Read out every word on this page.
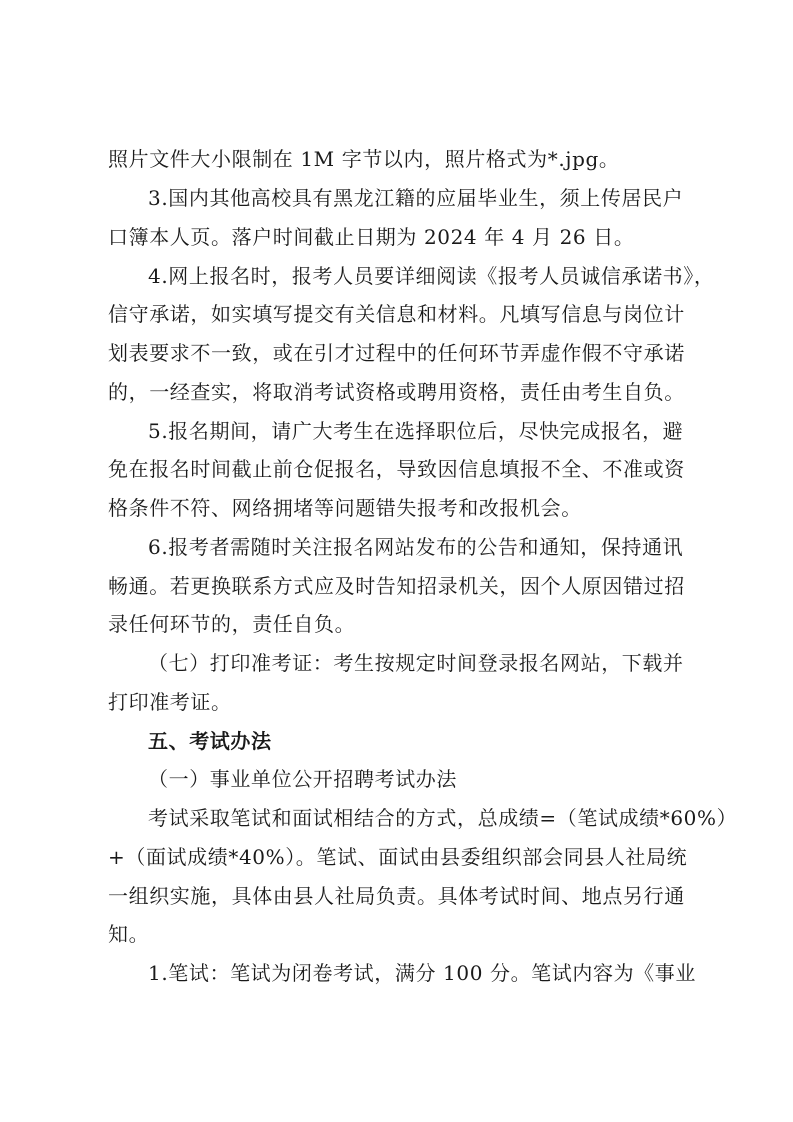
照片文件大小限制在 1M 字节以内，照片格式为*.jpg。
3.国内其他高校具有黑龙江籍的应届毕业生，须上传居民户
口簿本人页。落户时间截止日期为 2024 年 4 月 26 日。
4.网上报名时，报考人员要详细阅读《报考人员诚信承诺书》，
信守承诺，如实填写提交有关信息和材料。凡填写信息与岗位计
划表要求不一致，或在引才过程中的任何环节弄虚作假不守承诺
的，一经查实，将取消考试资格或聘用资格，责任由考生自负。
5.报名期间，请广大考生在选择职位后，尽快完成报名，避
免在报名时间截止前仓促报名，导致因信息填报不全、不准或资
格条件不符、网络拥堵等问题错失报考和改报机会。
6.报考者需随时关注报名网站发布的公告和通知，保持通讯
畅通。若更换联系方式应及时告知招录机关，因个人原因错过招
录任何环节的，责任自负。
（七）打印准考证：考生按规定时间登录报名网站，下载并
打印准考证。
五、考试办法
（一）事业单位公开招聘考试办法
考试采取笔试和面试相结合的方式，总成绩=（笔试成绩*60%）
+（面试成绩*40%）。笔试、面试由县委组织部会同县人社局统
一组织实施，具体由县人社局负责。具体考试时间、地点另行通
知。
1.笔试：笔试为闭卷考试，满分 100 分。笔试内容为《事业
